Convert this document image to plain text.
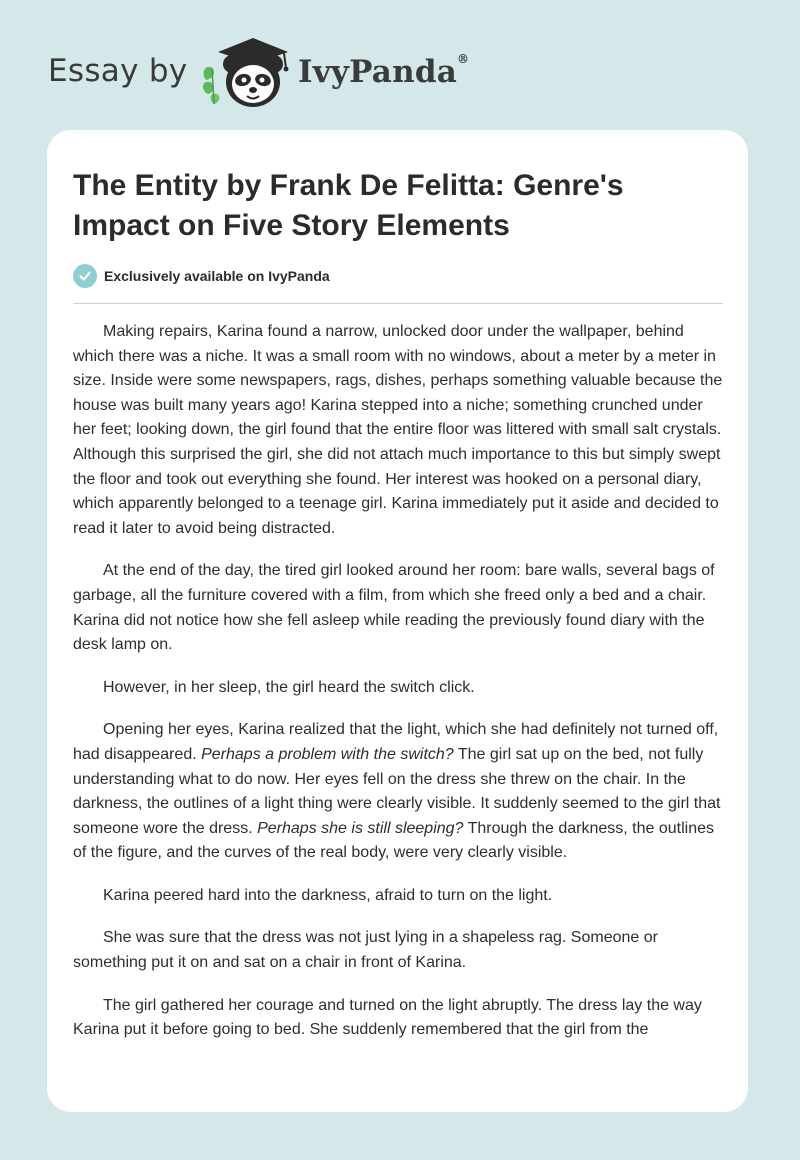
Essay by	IvyPanda®
The Entity by Frank De Felitta: Genre's Impact on Five Story Elements
Exclusively available on IvyPanda

Making repairs, Karina found a narrow, unlocked door under the wallpaper, behind which there was a niche. It was a small room with no windows, about a meter by a meter in size. Inside were some newspapers, rags, dishes, perhaps something valuable because the house was built many years ago! Karina stepped into a niche; something crunched under her feet; looking down, the girl found that the entire floor was littered with small salt crystals. Although this surprised the girl, she did not attach much importance to this but simply swept the floor and took out everything she found. Her interest was hooked on a personal diary, which apparently belonged to a teenage girl. Karina immediately put it aside and decided to read it later to avoid being distracted.

At the end of the day, the tired girl looked around her room: bare walls, several bags of garbage, all the furniture covered with a film, from which she freed only a bed and a chair. Karina did not notice how she fell asleep while reading the previously found diary with the desk lamp on.

However, in her sleep, the girl heard the switch click.

Opening her eyes, Karina realized that the light, which she had definitely not turned off, had disappeared. Perhaps a problem with the switch? The girl sat up on the bed, not fully understanding what to do now. Her eyes fell on the dress she threw on the chair. In the darkness, the outlines of a light thing were clearly visible. It suddenly seemed to the girl that someone wore the dress. Perhaps she is still sleeping? Through the darkness, the outlines of the figure, and the curves of the real body, were very clearly visible.

Karina peered hard into the darkness, afraid to turn on the light.

She was sure that the dress was not just lying in a shapeless rag. Someone or something put it on and sat on a chair in front of Karina.

The girl gathered her courage and turned on the light abruptly. The dress lay the way Karina put it before going to bed. She suddenly remembered that the girl from the
